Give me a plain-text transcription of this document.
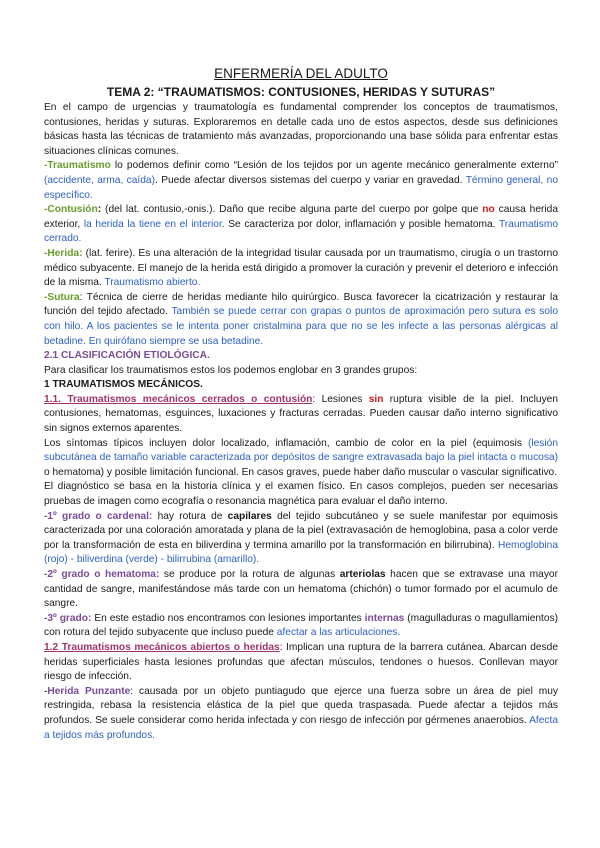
ENFERMERÍA DEL ADULTO
TEMA 2: “TRAUMATISMOS: CONTUSIONES, HERIDAS Y SUTURAS”

En el campo de urgencias y traumatología es fundamental comprender los conceptos de traumatismos, contusiones, heridas y suturas. Exploraremos en detalle cada uno de estos aspectos, desde sus definiciones básicas hasta las técnicas de tratamiento más avanzadas, proporcionando una base sólida para enfrentar estas situaciones clínicas comunes.

-Traumatismo lo podemos definir como “Lesión de los tejidos por un agente mecánico generalmente externo” (accidente, arma, caída). Puede afectar diversos sistemas del cuerpo y variar en gravedad. Término general, no específico.

-Contusión: (del lat. contusio,-onis.). Daño que recibe alguna parte del cuerpo por golpe que no causa herida exterior, la herida la tiene en el interior. Se caracteriza por dolor, inflamación y posible hematoma. Traumatismo cerrado.

-Herida: (lat. ferire). Es una alteración de la integridad tisular causada por un traumatismo, cirugía o un trastorno médico subyacente. El manejo de la herida está dirigido a promover la curación y prevenir el deterioro e infección de la misma. Traumatismo abierto.

-Sutura: Técnica de cierre de heridas mediante hilo quirúrgico. Busca favorecer la cicatrización y restaurar la función del tejido afectado. También se puede cerrar con grapas o puntos de aproximación pero sutura es solo con hilo. A los pacientes se le intenta poner cristalmina para que no se les infecte a las personas alérgicas al betadine. En quirófano siempre se usa betadine.

2.1 CLASIFICACIÓN ETIOLÓGICA.

Para clasificar los traumatismos estos los podemos englobar en 3 grandes grupos:

1 TRAUMATISMOS MECÁNICOS.

1.1. Traumatismos mecánicos cerrados o contusión: Lesiones sin ruptura visible de la piel. Incluyen contusiones, hematomas, esguinces, luxaciones y fracturas cerradas. Pueden causar daño interno significativo sin signos externos aparentes.

Los síntomas típicos incluyen dolor localizado, inflamación, cambio de color en la piel (equimosis (lesión subcutánea de tamaño variable caracterizada por depósitos de sangre extravasada bajo la piel intacta o mucosa) o hematoma) y posible limitación funcional. En casos graves, puede haber daño muscular o vascular significativo.

El diagnóstico se basa en la historia clínica y el examen físico. En casos complejos, pueden ser necesarias pruebas de imagen como ecografía o resonancia magnética para evaluar el daño interno.

-1º grado o cardenal: hay rotura de capilares del tejido subcutáneo y se suele manifestar por equimosis caracterizada por una coloración amoratada y plana de la piel (extravasación de hemoglobina, pasa a color verde por la transformación de esta en biliverdina y termina amarillo por la transformación en bilirrubina). Hemoglobina (rojo) - biliverdina (verde) - bilirrubina (amarillo).

-2º grado o hematoma: se produce por la rotura de algunas arteriolas hacen que se extravase una mayor cantidad de sangre, manifestándose más tarde con un hematoma (chichón) o tumor formado por el acumulo de sangre.

-3º grado: En este estadio nos encontramos con lesiones importantes internas (magulladuras o magullamientos) con rotura del tejido subyacente que incluso puede afectar a las articulaciones.

1.2 Traumatismos mecánicos abiertos o heridas: Implican una ruptura de la barrera cutánea. Abarcan desde heridas superficiales hasta lesiones profundas que afectan músculos, tendones o huesos. Conllevan mayor riesgo de infección.

-Herida Punzante: causada por un objeto puntiagudo que ejerce una fuerza sobre un área de piel muy restringida, rebasa la resistencia elástica de la piel que queda traspasada. Puede afectar a tejidos más profundos. Se suele considerar como herida infectada y con riesgo de infección por gérmenes anaerobios. Afecta a tejidos más profundos.
